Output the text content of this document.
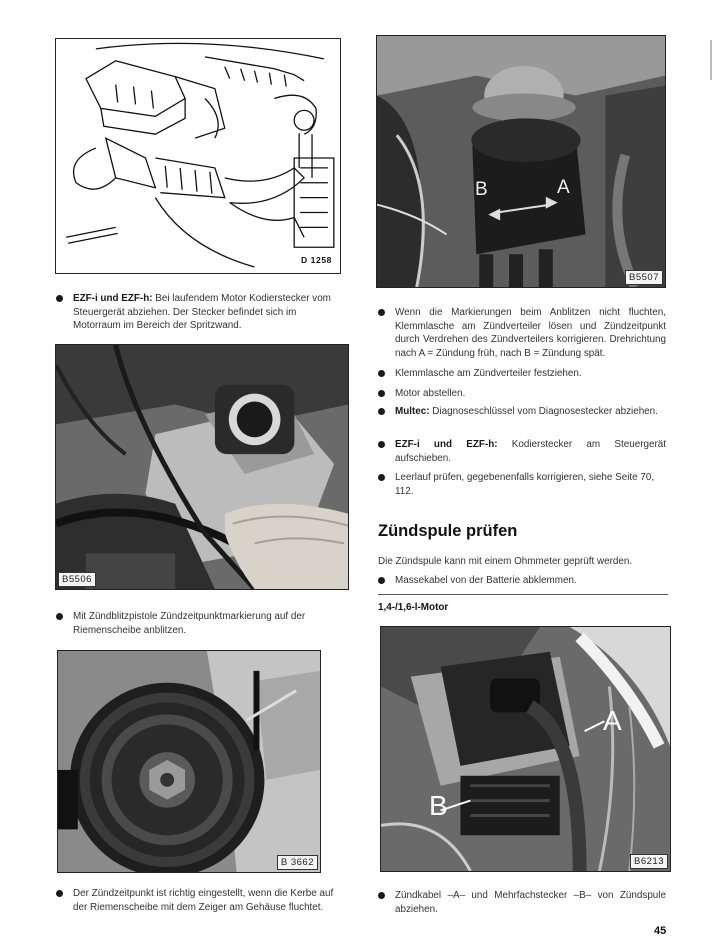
D 1258
EZF-i und EZF-h: Bei laufendem Motor Kodierstecker vom Steuergerät abziehen. Der Stecker befindet sich im Motorraum im Bereich der Spritzwand.
B5506
Mit Zündblitzpistole Zündzeitpunktmarkierung auf der Riemenscheibe anblitzen.
B 3662
Der Zündzeitpunkt ist richtig eingestellt, wenn die Kerbe auf der Riemenscheibe mit dem Zeiger am Gehäuse fluchtet.
B	A
B5507
Wenn die Markierungen beim Anblitzen nicht fluchten, Klemmlasche am Zündverteiler lösen und Zündzeitpunkt durch Verdrehen des Zündverteilers korrigieren. Drehrichtung nach A = Zündung früh, nach B = Zündung spät.
Klemmlasche am Zündverteiler festziehen.
Motor abstellen.
Multec: Diagnoseschlüssel vom Diagnosestecker abziehen.
EZF-i und EZF-h: Kodierstecker am Steuergerät aufschieben.
Leerlauf prüfen, gegebenenfalls korrigieren, siehe Seite 70, 112.
Zündspule prüfen
Die Zündspule kann mit einem Ohmmeter geprüft werden.
Massekabel von der Batterie abklemmen.
1,4-/1,6-l-Motor
A
B
B6213
Zündkabel –A– und Mehrfachstecker –B– von Zündspule abziehen.
45
